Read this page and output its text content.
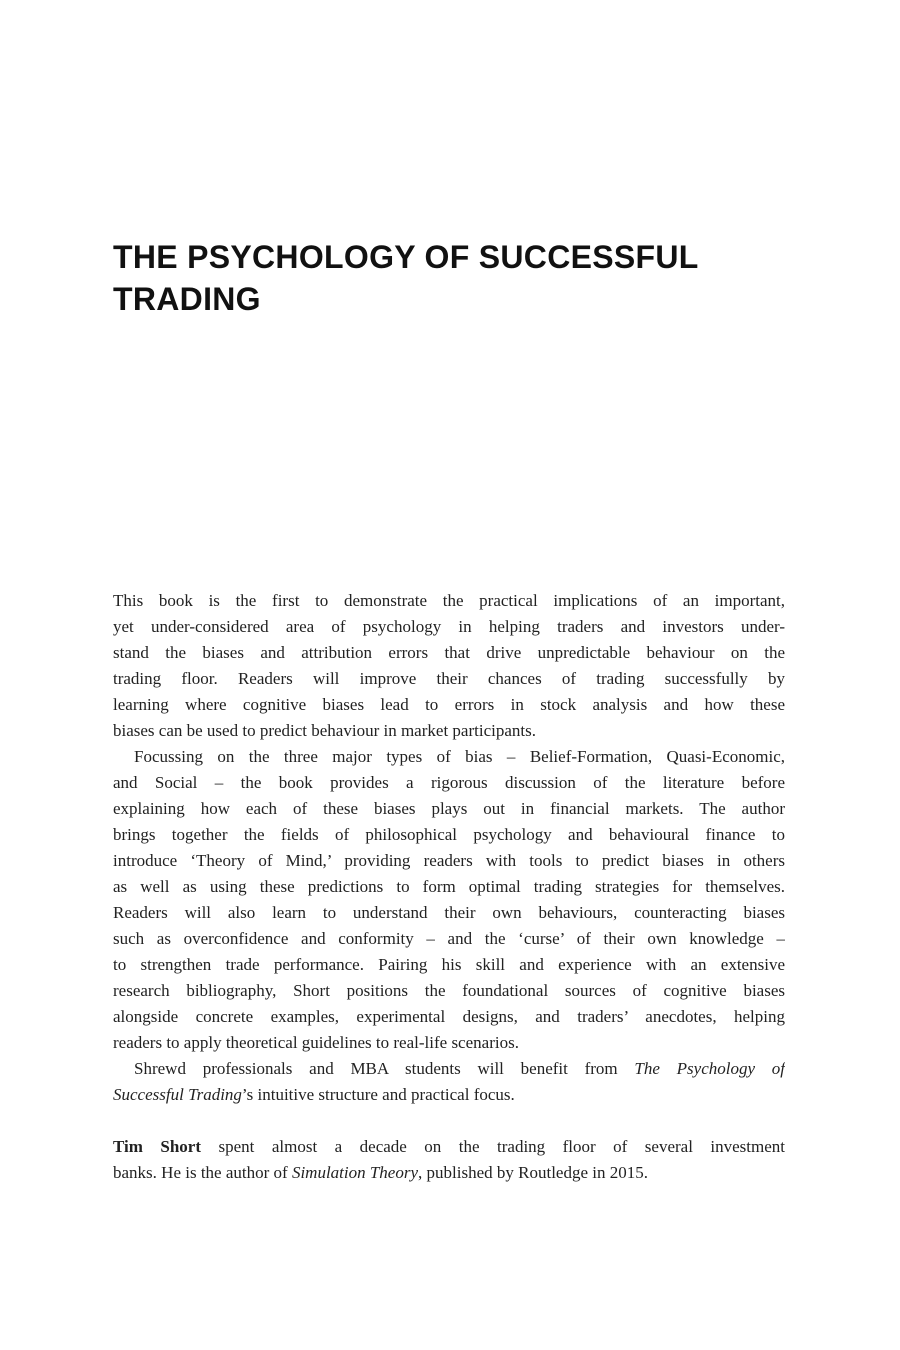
THE PSYCHOLOGY OF SUCCESSFUL
TRADING

This book is the first to demonstrate the practical implications of an important,
yet under-considered area of psychology in helping traders and investors under-
stand the biases and attribution errors that drive unpredictable behaviour on the
trading floor. Readers will improve their chances of trading successfully by
learning where cognitive biases lead to errors in stock analysis and how these
biases can be used to predict behaviour in market participants.

Focussing on the three major types of bias – Belief-Formation, Quasi-Economic,
and Social – the book provides a rigorous discussion of the literature before
explaining how each of these biases plays out in financial markets. The author
brings together the fields of philosophical psychology and behavioural finance to
introduce ‘Theory of Mind,’ providing readers with tools to predict biases in others
as well as using these predictions to form optimal trading strategies for themselves.
Readers will also learn to understand their own behaviours, counteracting biases
such as overconfidence and conformity – and the ‘curse’ of their own knowledge –
to strengthen trade performance. Pairing his skill and experience with an extensive
research bibliography, Short positions the foundational sources of cognitive biases
alongside concrete examples, experimental designs, and traders’ anecdotes, helping
readers to apply theoretical guidelines to real-life scenarios.

Shrewd professionals and MBA students will benefit from The Psychology of
Successful Trading’s intuitive structure and practical focus.

Tim Short spent almost a decade on the trading floor of several investment
banks. He is the author of Simulation Theory, published by Routledge in 2015.
